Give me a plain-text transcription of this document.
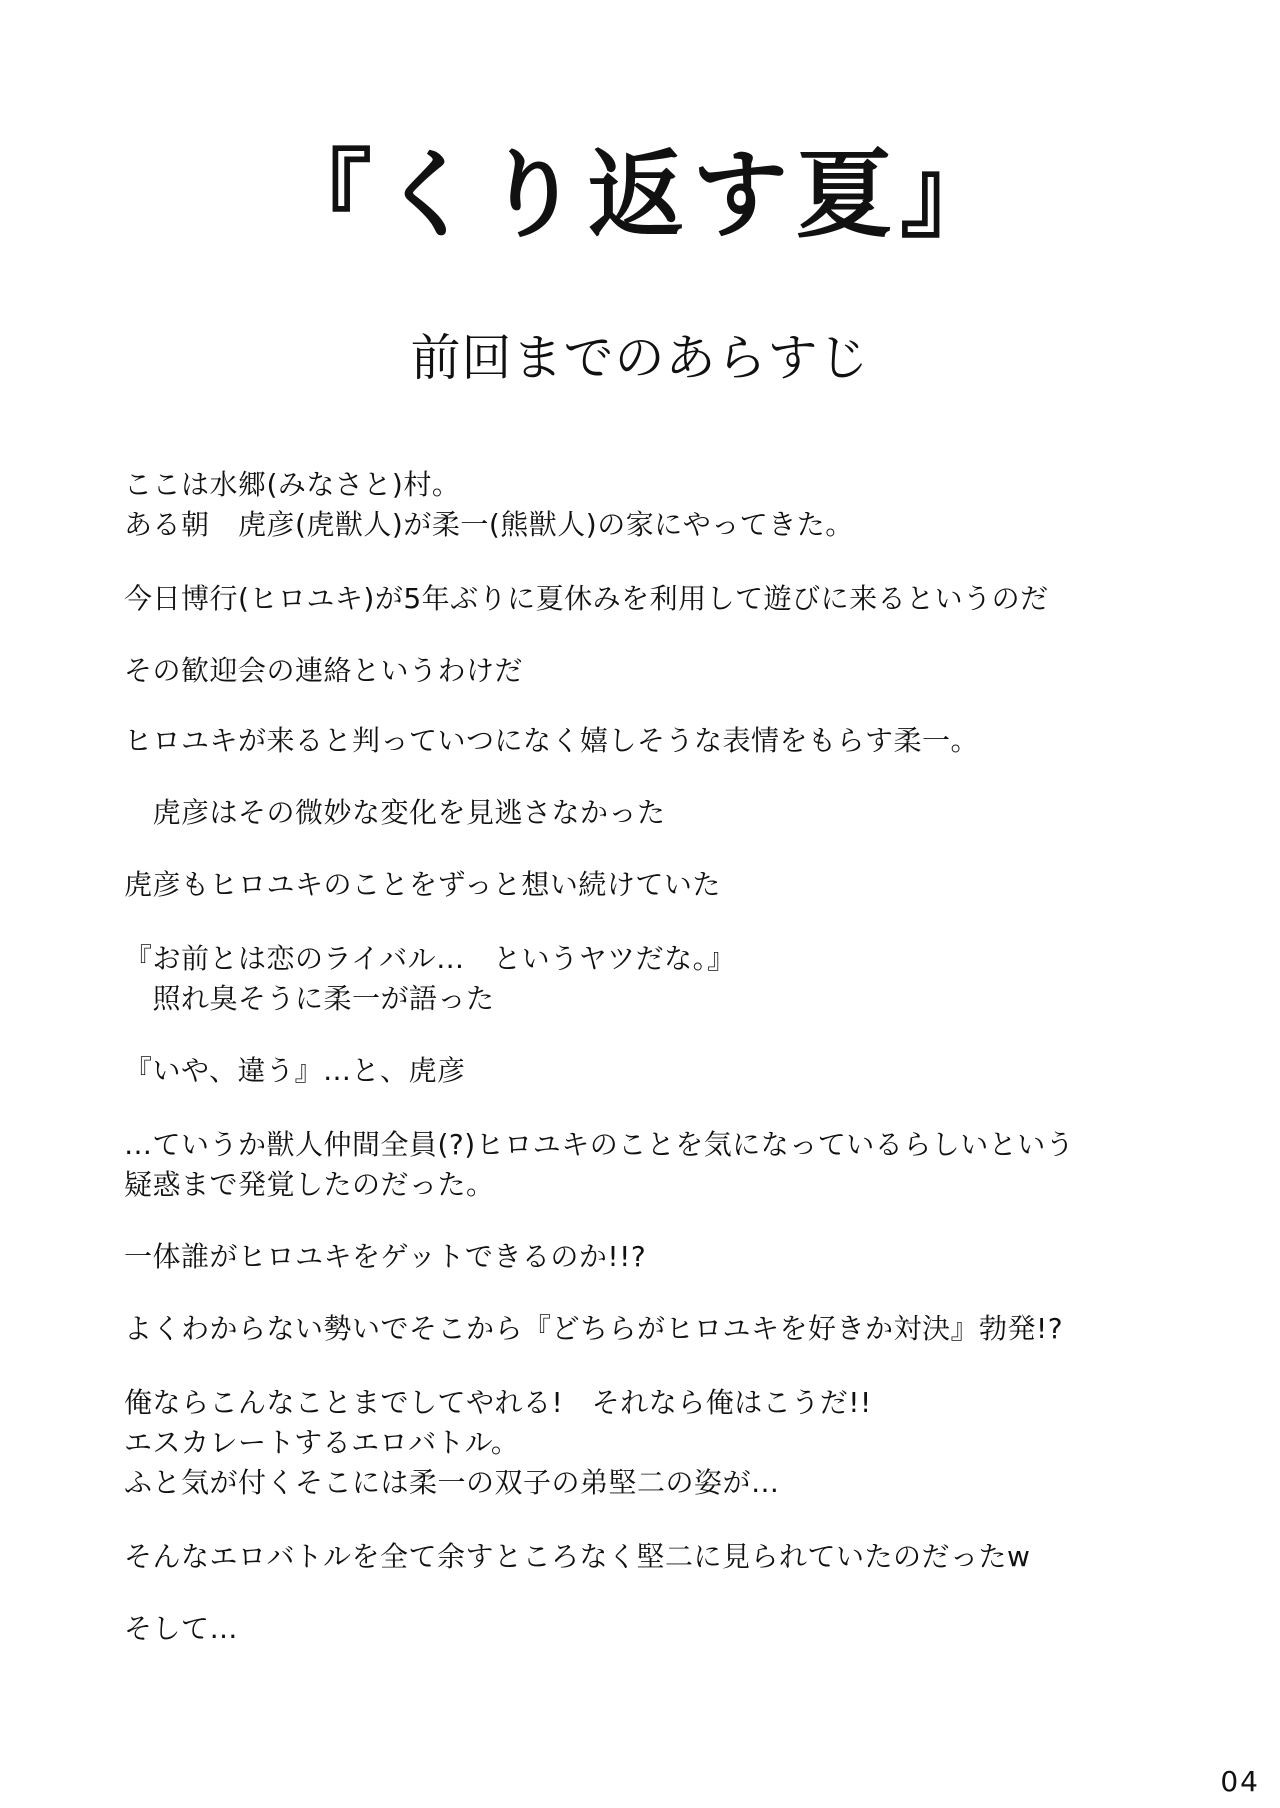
『くり返す夏』
前回までのあらすじ
ここは水郷(みなさと)村。
ある朝　虎彦(虎獣人)が柔一(熊獣人)の家にやってきた。
今日博行(ヒロユキ)が5年ぶりに夏休みを利用して遊びに来るというのだ
その歓迎会の連絡というわけだ
ヒロユキが来ると判っていつになく嬉しそうな表情をもらす柔一。
　虎彦はその微妙な変化を見逃さなかった
虎彦もヒロユキのことをずっと想い続けていた
『お前とは恋のライバル…　というヤツだな。』
　照れ臭そうに柔一が語った
『いや、違う』…と、虎彦
…ていうか獣人仲間全員(?)ヒロユキのことを気になっているらしいという
疑惑まで発覚したのだった。
一体誰がヒロユキをゲットできるのか!!?
よくわからない勢いでそこから『どちらがヒロユキを好きか対決』勃発!?
俺ならこんなことまでしてやれる!　それなら俺はこうだ!!
エスカレートするエロバトル。
ふと気が付くそこには柔一の双子の弟堅二の姿が…
そんなエロバトルを全て余すところなく堅二に見られていたのだったw
そして…
04
